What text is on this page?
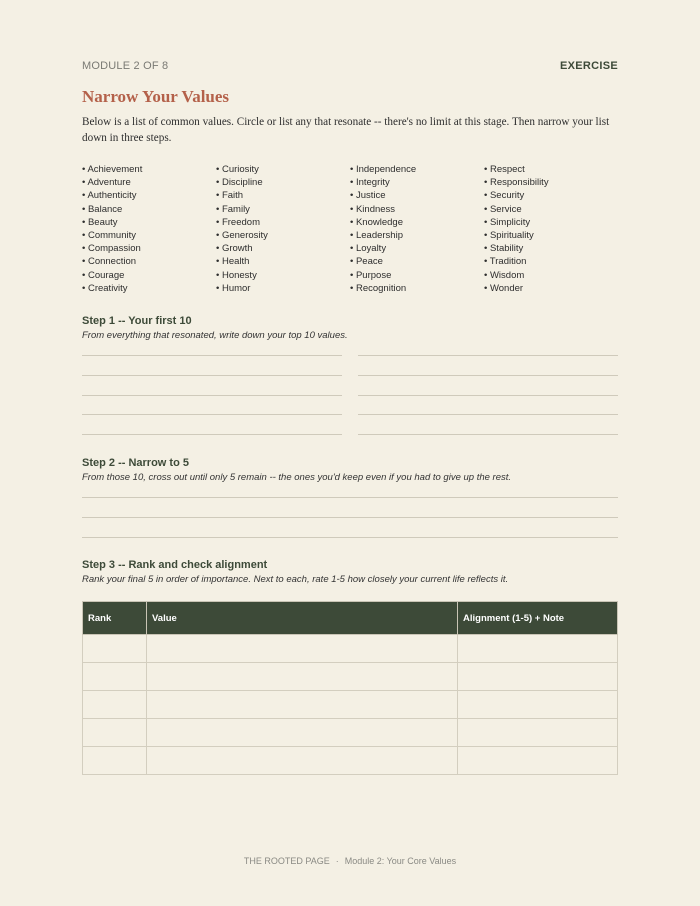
MODULE 2 OF 8	EXERCISE
Narrow Your Values

Below is a list of common values. Circle or list any that resonate -- there's no limit at this stage. Then narrow your list down in three steps.

• Achievement
• Adventure
• Authenticity
• Balance
• Beauty
• Community
• Compassion
• Connection
• Courage
• Creativity
• Curiosity
• Discipline
• Faith
• Family
• Freedom
• Generosity
• Growth
• Health
• Honesty
• Humor
• Independence
• Integrity
• Justice
• Kindness
• Knowledge
• Leadership
• Loyalty
• Peace
• Purpose
• Recognition
• Respect
• Responsibility
• Security
• Service
• Simplicity
• Spirituality
• Stability
• Tradition
• Wisdom
• Wonder
Step 1 -- Your first 10

From everything that resonated, write down your top 10 values.

Step 2 -- Narrow to 5

From those 10, cross out until only 5 remain -- the ones you'd keep even if you had to give up the rest.

Step 3 -- Rank and check alignment

Rank your final 5 in order of importance. Next to each, rate 1-5 how closely your current life reflects it.

Rank	Value	Alignment (1-5) + Note

THE ROOTED PAGE · Module 2: Your Core Values
